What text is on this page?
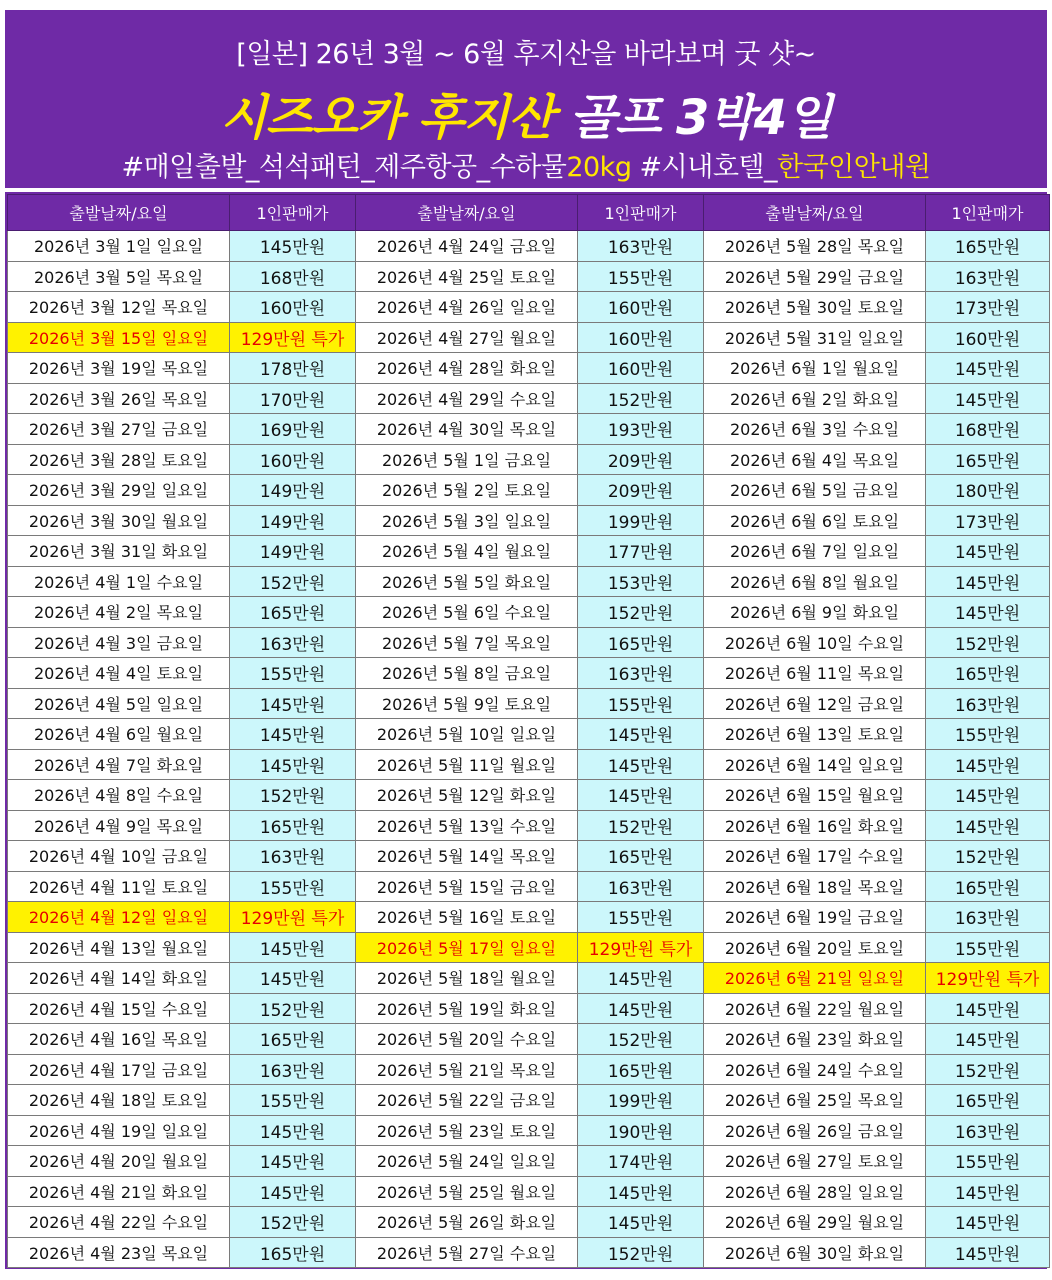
[일본] 26년 3월 ~ 6월 후지산을 바라보며 굿 샷~
시즈오카 후지산 골프 3박4일
#매일출발_석석패턴_제주항공_수하물20kg #시내호텔_한국인안내원
출발날짜/요일	1인판매가	출발날짜/요일	1인판매가	출발날짜/요일	1인판매가
2026년 3월 1일 일요일	145만원	2026년 4월 24일 금요일	163만원	2026년 5월 28일 목요일	165만원
2026년 3월 5일 목요일	168만원	2026년 4월 25일 토요일	155만원	2026년 5월 29일 금요일	163만원
2026년 3월 12일 목요일	160만원	2026년 4월 26일 일요일	160만원	2026년 5월 30일 토요일	173만원
2026년 3월 15일 일요일	129만원 특가	2026년 4월 27일 월요일	160만원	2026년 5월 31일 일요일	160만원
2026년 3월 19일 목요일	178만원	2026년 4월 28일 화요일	160만원	2026년 6월 1일 월요일	145만원
2026년 3월 26일 목요일	170만원	2026년 4월 29일 수요일	152만원	2026년 6월 2일 화요일	145만원
2026년 3월 27일 금요일	169만원	2026년 4월 30일 목요일	193만원	2026년 6월 3일 수요일	168만원
2026년 3월 28일 토요일	160만원	2026년 5월 1일 금요일	209만원	2026년 6월 4일 목요일	165만원
2026년 3월 29일 일요일	149만원	2026년 5월 2일 토요일	209만원	2026년 6월 5일 금요일	180만원
2026년 3월 30일 월요일	149만원	2026년 5월 3일 일요일	199만원	2026년 6월 6일 토요일	173만원
2026년 3월 31일 화요일	149만원	2026년 5월 4일 월요일	177만원	2026년 6월 7일 일요일	145만원
2026년 4월 1일 수요일	152만원	2026년 5월 5일 화요일	153만원	2026년 6월 8일 월요일	145만원
2026년 4월 2일 목요일	165만원	2026년 5월 6일 수요일	152만원	2026년 6월 9일 화요일	145만원
2026년 4월 3일 금요일	163만원	2026년 5월 7일 목요일	165만원	2026년 6월 10일 수요일	152만원
2026년 4월 4일 토요일	155만원	2026년 5월 8일 금요일	163만원	2026년 6월 11일 목요일	165만원
2026년 4월 5일 일요일	145만원	2026년 5월 9일 토요일	155만원	2026년 6월 12일 금요일	163만원
2026년 4월 6일 월요일	145만원	2026년 5월 10일 일요일	145만원	2026년 6월 13일 토요일	155만원
2026년 4월 7일 화요일	145만원	2026년 5월 11일 월요일	145만원	2026년 6월 14일 일요일	145만원
2026년 4월 8일 수요일	152만원	2026년 5월 12일 화요일	145만원	2026년 6월 15일 월요일	145만원
2026년 4월 9일 목요일	165만원	2026년 5월 13일 수요일	152만원	2026년 6월 16일 화요일	145만원
2026년 4월 10일 금요일	163만원	2026년 5월 14일 목요일	165만원	2026년 6월 17일 수요일	152만원
2026년 4월 11일 토요일	155만원	2026년 5월 15일 금요일	163만원	2026년 6월 18일 목요일	165만원
2026년 4월 12일 일요일	129만원 특가	2026년 5월 16일 토요일	155만원	2026년 6월 19일 금요일	163만원
2026년 4월 13일 월요일	145만원	2026년 5월 17일 일요일	129만원 특가	2026년 6월 20일 토요일	155만원
2026년 4월 14일 화요일	145만원	2026년 5월 18일 월요일	145만원	2026년 6월 21일 일요일	129만원 특가
2026년 4월 15일 수요일	152만원	2026년 5월 19일 화요일	145만원	2026년 6월 22일 월요일	145만원
2026년 4월 16일 목요일	165만원	2026년 5월 20일 수요일	152만원	2026년 6월 23일 화요일	145만원
2026년 4월 17일 금요일	163만원	2026년 5월 21일 목요일	165만원	2026년 6월 24일 수요일	152만원
2026년 4월 18일 토요일	155만원	2026년 5월 22일 금요일	199만원	2026년 6월 25일 목요일	165만원
2026년 4월 19일 일요일	145만원	2026년 5월 23일 토요일	190만원	2026년 6월 26일 금요일	163만원
2026년 4월 20일 월요일	145만원	2026년 5월 24일 일요일	174만원	2026년 6월 27일 토요일	155만원
2026년 4월 21일 화요일	145만원	2026년 5월 25일 월요일	145만원	2026년 6월 28일 일요일	145만원
2026년 4월 22일 수요일	152만원	2026년 5월 26일 화요일	145만원	2026년 6월 29일 월요일	145만원
2026년 4월 23일 목요일	165만원	2026년 5월 27일 수요일	152만원	2026년 6월 30일 화요일	145만원
